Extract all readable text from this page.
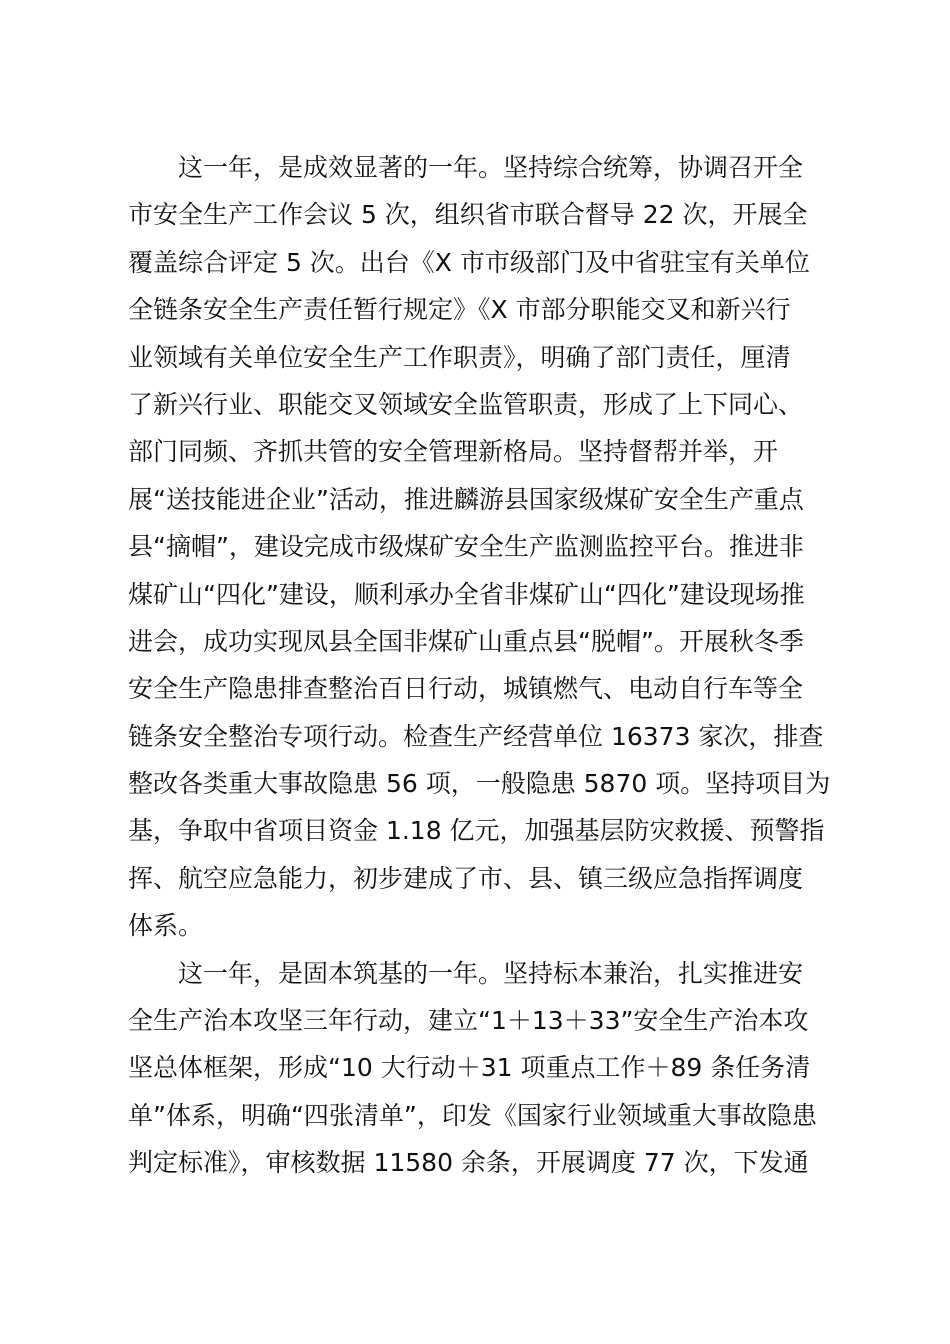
这一年，是成效显著的一年。坚持综合统筹，协调召开全
市安全生产工作会议 5 次，组织省市联合督导 22 次，开展全
覆盖综合评定 5 次。出台《X 市市级部门及中省驻宝有关单位
全链条安全生产责任暂行规定》《X 市部分职能交叉和新兴行
业领域有关单位安全生产工作职责》，明确了部门责任，厘清
了新兴行业、职能交叉领域安全监管职责，形成了上下同心、
部门同频、齐抓共管的安全管理新格局。坚持督帮并举，开
展“送技能进企业”活动，推进麟游县国家级煤矿安全生产重点
县“摘帽”，建设完成市级煤矿安全生产监测监控平台。推进非
煤矿山“四化”建设，顺利承办全省非煤矿山“四化”建设现场推
进会，成功实现凤县全国非煤矿山重点县“脱帽”。开展秋冬季
安全生产隐患排查整治百日行动，城镇燃气、电动自行车等全
链条安全整治专项行动。检查生产经营单位 16373 家次，排查
整改各类重大事故隐患 56 项，一般隐患 5870 项。坚持项目为
基，争取中省项目资金 1.18 亿元，加强基层防灾救援、预警指
挥、航空应急能力，初步建成了市、县、镇三级应急指挥调度
体系。

这一年，是固本筑基的一年。坚持标本兼治，扎实推进安
全生产治本攻坚三年行动，建立“1＋13＋33”安全生产治本攻
坚总体框架，形成“10 大行动＋31 项重点工作＋89 条任务清
单”体系，明确“四张清单”，印发《国家行业领域重大事故隐患
判定标准》，审核数据 11580 余条，开展调度 77 次，下发通
